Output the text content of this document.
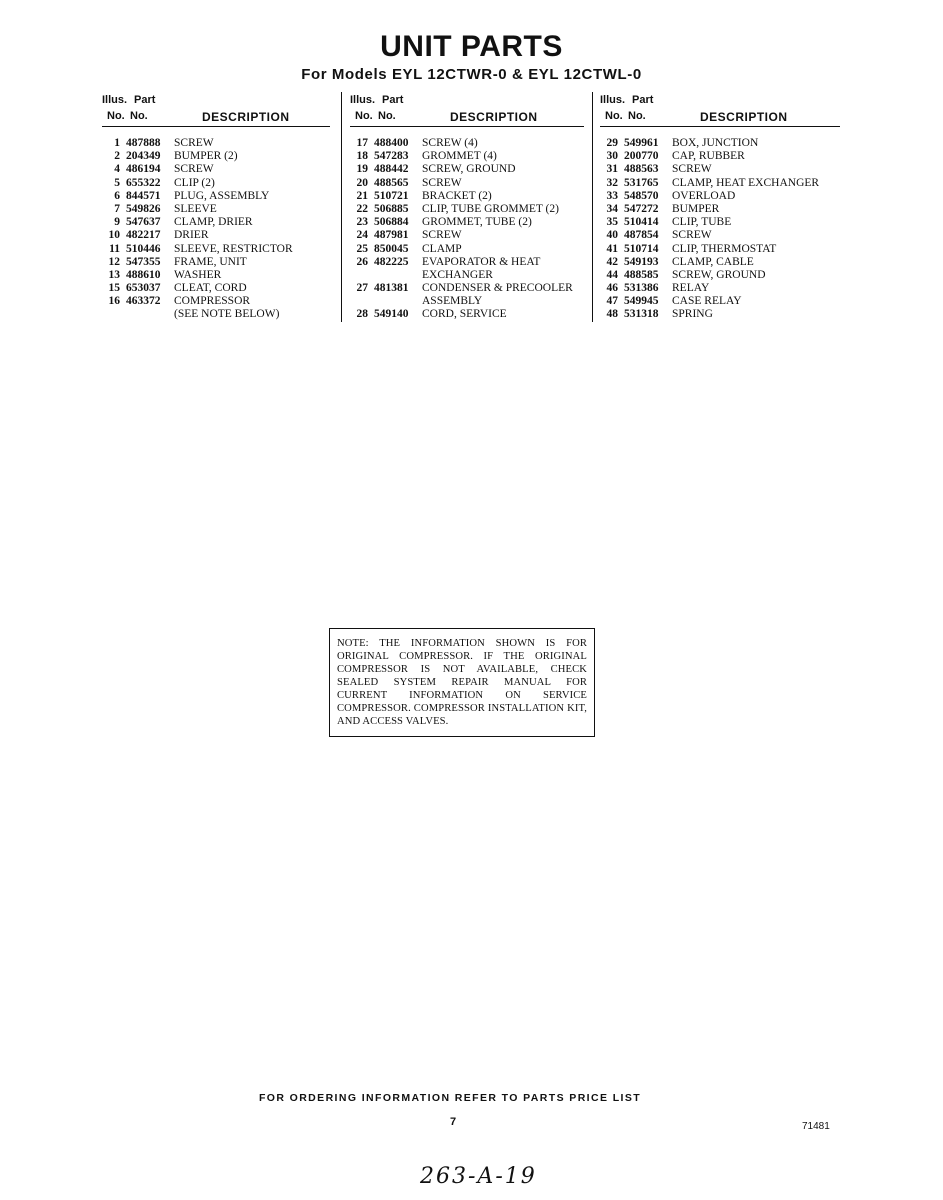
UNIT PARTS
For Models EYL 12CTWR-0 & EYL 12CTWL-0
Illus. Part
No. No.	DESCRIPTION
1 487888 SCREW
2 204349 BUMPER (2)
4 486194 SCREW
5 655322 CLIP (2)
6 844571 PLUG, ASSEMBLY
7 549826 SLEEVE
9 547637 CLAMP, DRIER
10 482217 DRIER
11 510446 SLEEVE, RESTRICTOR
12 547355 FRAME, UNIT
13 488610 WASHER
15 653037 CLEAT, CORD
16 463372 COMPRESSOR
(SEE NOTE BELOW)
Illus. Part
No. No.	DESCRIPTION
17 488400 SCREW (4)
18 547283 GROMMET (4)
19 488442 SCREW, GROUND
20 488565 SCREW
21 510721 BRACKET (2)
22 506885 CLIP, TUBE GROMMET (2)
23 506884 GROMMET, TUBE (2)
24 487981 SCREW
25 850045 CLAMP
26 482225 EVAPORATOR & HEAT
EXCHANGER
27 481381 CONDENSER & PRECOOLER
ASSEMBLY
28 549140 CORD, SERVICE
Illus. Part
No. No.	DESCRIPTION
29 549961 BOX, JUNCTION
30 200770 CAP, RUBBER
31 488563 SCREW
32 531765 CLAMP, HEAT EXCHANGER
33 548570 OVERLOAD
34 547272 BUMPER
35 510414 CLIP, TUBE
40 487854 SCREW
41 510714 CLIP, THERMOSTAT
42 549193 CLAMP, CABLE
44 488585 SCREW, GROUND
46 531386 RELAY
47 549945 CASE RELAY
48 531318 SPRING
NOTE: THE INFORMATION SHOWN IS FOR ORIGINAL COMPRESSOR. IF THE ORIGINAL COMPRESSOR IS NOT AVAILABLE, CHECK SEALED SYSTEM REPAIR MANUAL FOR CURRENT INFORMATION ON SERVICE COMPRESSOR. COMPRESSOR INSTALLATION KIT, AND ACCESS VALVES.
FOR ORDERING INFORMATION REFER TO PARTS PRICE LIST
7	71481
263-A-19
